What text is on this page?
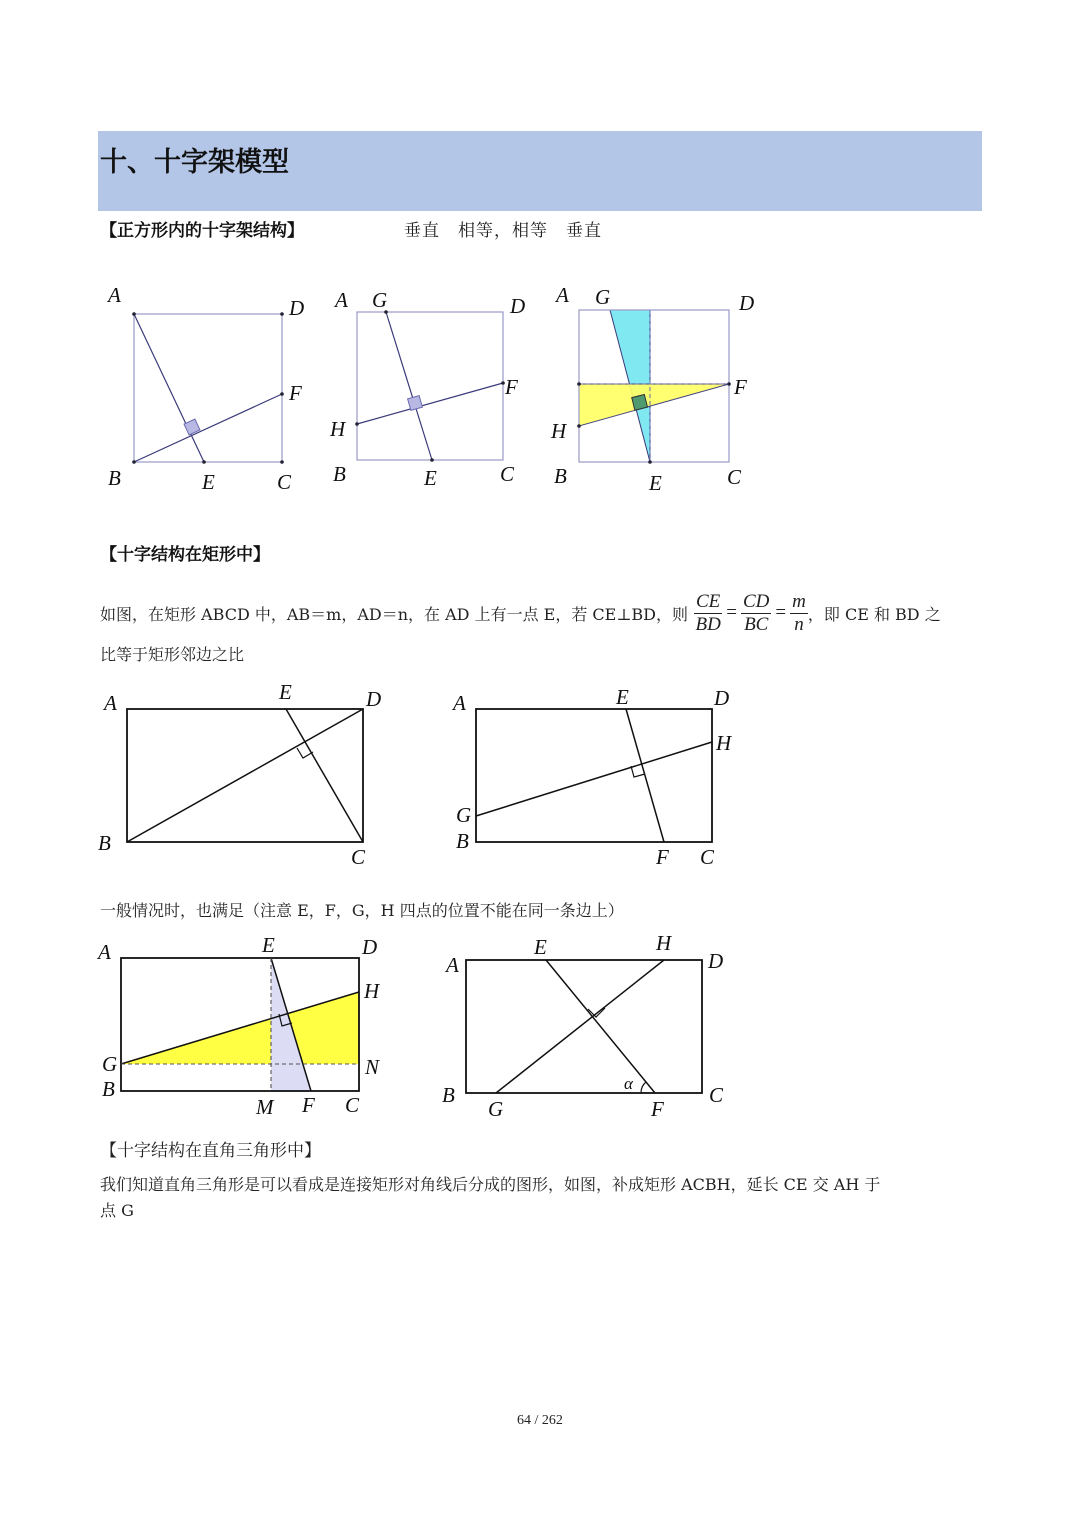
十、十字架模型
【正方形内的十字架结构】	垂直　相等，相等　垂直
A
D
F
B	E	C
A G	D
F
H
B	E	C
A G	D
F
H
B	E	C
【十字结构在矩形中】
如图，在矩形 ABCD 中，AB＝m，AD＝n，在 AD 上有一点 E，若 CE⊥BD，则 $\frac{CE}{BD} = \frac{CD}{BC} = \frac{m}{n}$ ，即 CE 和 BD 之
比等于矩形邻边之比
A	E	D
B
C
A	E	D
H
G
B
F C
一般情况时，也满足（注意 E，F，G，H 四点的位置不能在同一条边上）
A	E	D
H
G	N
B
M F C
A
E	H
D
B
G
α
F
C
【十字结构在直角三角形中】
我们知道直角三角形是可以看成是连接矩形对角线后分成的图形，如图，补成矩形 ACBH，延长 CE 交 AH 于
点 G
64 / 262
